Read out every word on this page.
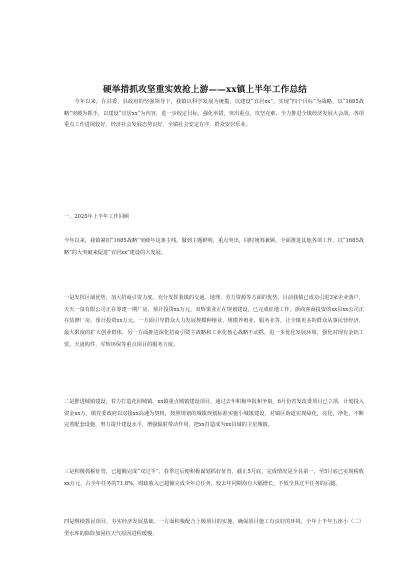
硬举措抓攻坚重实效抢上游——xx镇上半年工作总结

今年以来，在县委、县政府的坚强领导下，我镇以科学发展为统揽，以建设“宜居xx”，实现“四个目标”为战略，以“1685战略”突破为抓手，以建设“宜居xx”为内容，进一步校定目标，强化举措，突出重点，攻坚克难，全力推进全镇经济发展大会战，各项重点工作进展较好，经济社会发展态势良好，全镇社会安定有序，群众安居乐业。

一、2025年上半年工作回顾

今年以来，我镇紧扣“1685战略”突破年这条主线，做到主题鲜明，重点突出，同时统筹兼顾，全面推进其他各项工作，以“1685战略”的大突破来促进“宜居xx”建设的大发展。

一是发挥区域优势，加大招商引资力度。充分发挥我镇的交通、地理、劳力资源等方面的优势。目前我镇已成功引进3家企业落户，天天一泉有限公司正在筹建一期厂房，预计投资xx万元，双辉果业正在规划建设，已完成征地工作，浙商客商投资的xx县xx公司正在装修厂房，预计投资xx万元。一方面引导群众大力发展规模种植业，规模养殖业，服务业等，让全镇更多的群众从事民营经济，最大限度的扩大创业群体，另一方面推进深化招商引资主战略和工业化核心战略不动摇，进一步优化发展环境，强化对现有金铝工贸、天晟构件、军辉环保等重点项目的服务力度。

二是推进城镇建设，着力打造花园城镇。xx镇重点城镇建设项目，通过去年积极申报和争取，6月份省发改委项目已立项，计划投入资金xx万，镇党委政府以对接xx高速为契机，按照规划的城镇规划标准实施小城镇建设，对镇区街道实现绿化，亮化，净化，不断完善配套设施，努力提升建设水平，增强辐射带动作用，把xx打造成为xx县域的卫星城镇。

三是积极抓税征管，已超额完成“双过半”。春季过后便积极谋划抓好征管，截止5月底，完成情况是全县第一，至5月底已实现税收xx万元，占全年任务的71.8%，财政收入已超额完成全年总任务，较去年同期均有大幅增长，不低全县过半任务的后腿。

四是继续抓民项目，夯实经济发展基础。一方面积极配合上级项目的实施，确保项目施工有良好的环境，全年上半年五座小（二）型水库的除险加固抗天气原因进程缓慢，
